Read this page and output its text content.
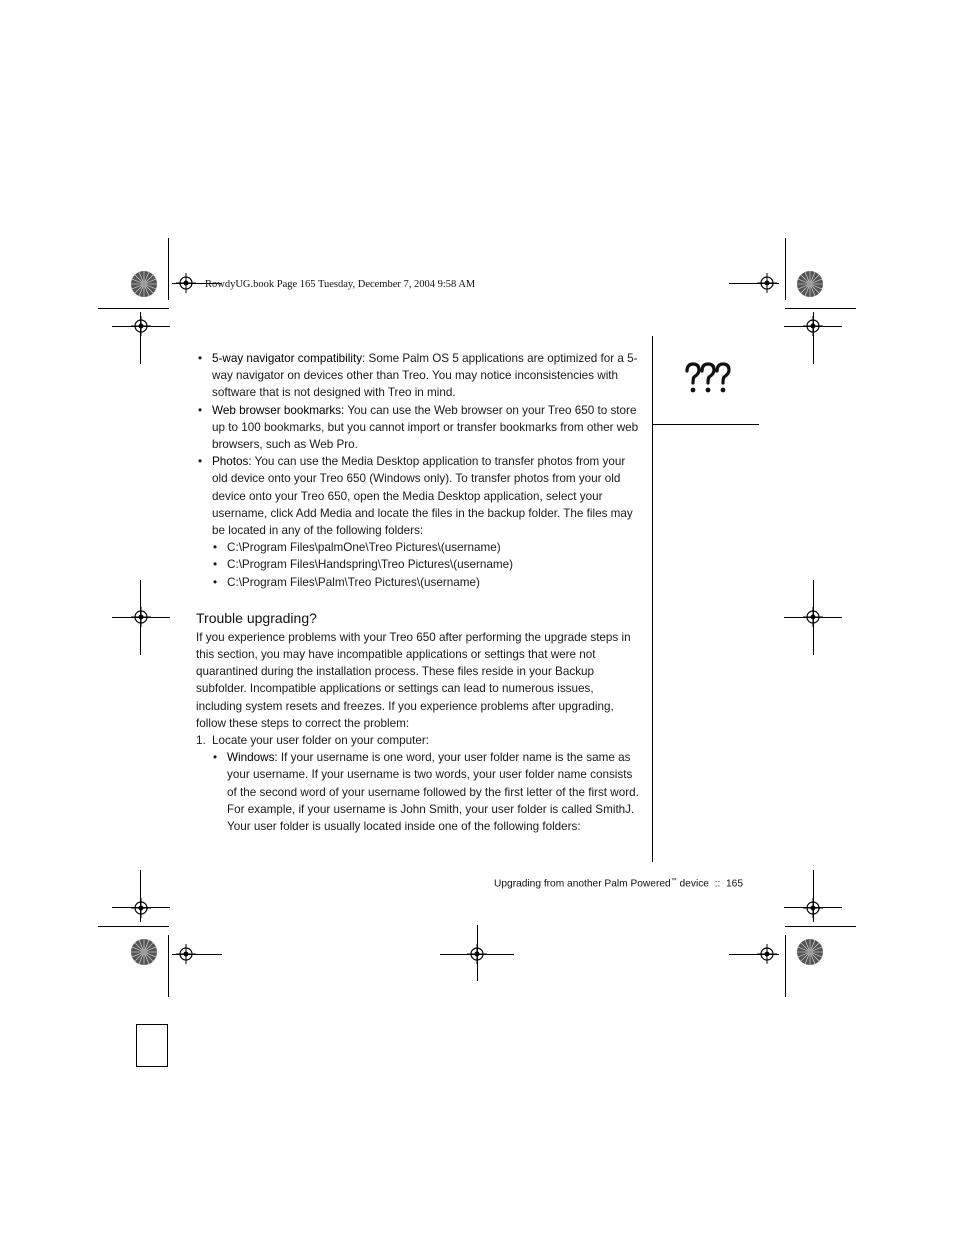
RowdyUG.book Page 165 Tuesday, December 7, 2004 9:58 AM
• 5-way navigator compatibility: Some Palm OS 5 applications are optimized for a 5-way navigator on devices other than Treo. You may notice inconsistencies with software that is not designed with Treo in mind.
• Web browser bookmarks: You can use the Web browser on your Treo 650 to store up to 100 bookmarks, but you cannot import or transfer bookmarks from other web browsers, such as Web Pro.
• Photos: You can use the Media Desktop application to transfer photos from your old device onto your Treo 650 (Windows only). To transfer photos from your old device onto your Treo 650, open the Media Desktop application, select your username, click Add Media and locate the files in the backup folder. The files may be located in any of the following folders:
• C:\Program Files\palmOne\Treo Pictures\(username)
• C:\Program Files\Handspring\Treo Pictures\(username)
• C:\Program Files\Palm\Treo Pictures\(username)
Trouble upgrading?
If you experience problems with your Treo 650 after performing the upgrade steps in this section, you may have incompatible applications or settings that were not quarantined during the installation process. These files reside in your Backup subfolder. Incompatible applications or settings can lead to numerous issues, including system resets and freezes. If you experience problems after upgrading, follow these steps to correct the problem:
1. Locate your user folder on your computer:
• Windows: If your username is one word, your user folder name is the same as your username. If your username is two words, your user folder name consists of the second word of your username followed by the first letter of the first word. For example, if your username is John Smith, your user folder is called SmithJ. Your user folder is usually located inside one of the following folders:
Upgrading from another Palm Powered™ device :: 165
